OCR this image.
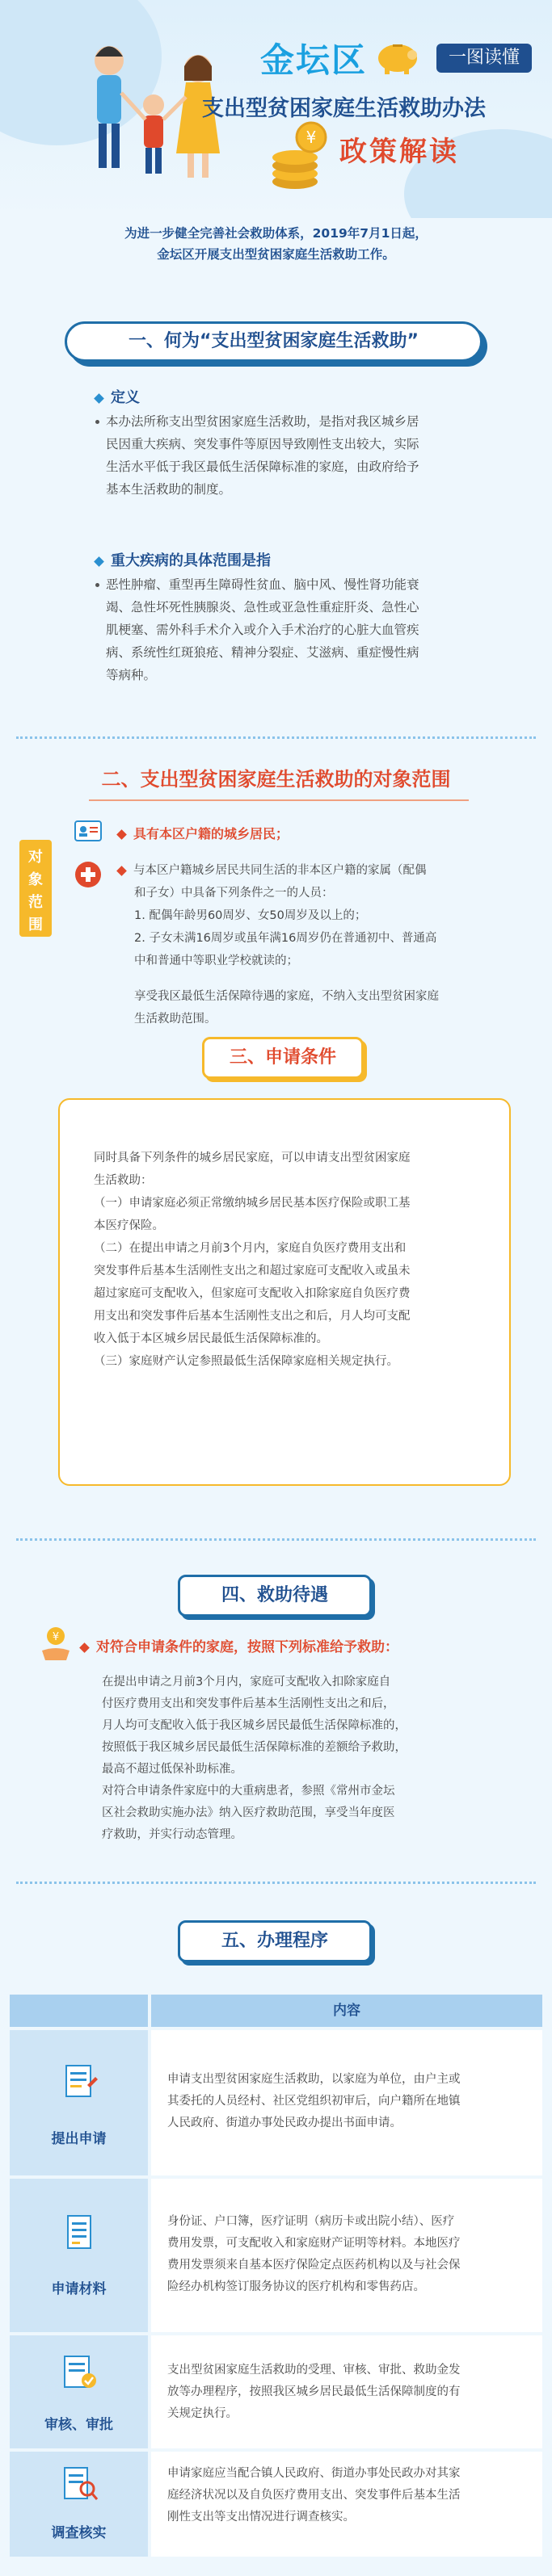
金坛区	一图读懂
支出型贫困家庭生活救助办法
¥ 政策解读
为进一步健全完善社会救助体系，2019年7月1日起，
金坛区开展支出型贫困家庭生活救助工作。
一、何为“支出型贫困家庭生活救助”
定义
本办法所称支出型贫困家庭生活救助，是指对我区城乡居
民因重大疾病、突发事件等原因导致刚性支出较大，实际
生活水平低于我区最低生活保障标准的家庭，由政府给予
基本生活救助的制度。
重大疾病的具体范围是指
恶性肿瘤、重型再生障碍性贫血、脑中风、慢性肾功能衰
竭、急性坏死性胰腺炎、急性或亚急性重症肝炎、急性心
肌梗塞、需外科手术介入或介入手术治疗的心脏大血管疾
病、系统性红斑狼疮、精神分裂症、艾滋病、重症慢性病
等病种。
二、支出型贫困家庭生活救助的对象范围
对象范围
具有本区户籍的城乡居民；
与本区户籍城乡居民共同生活的非本区户籍的家属（配偶
和子女）中具备下列条件之一的人员：
1. 配偶年龄男60周岁、女50周岁及以上的；
2. 子女未满16周岁或虽年满16周岁仍在普通初中、普通高
中和普通中等职业学校就读的；
享受我区最低生活保障待遇的家庭，不纳入支出型贫困家庭
生活救助范围。
三、申请条件
同时具备下列条件的城乡居民家庭，可以申请支出型贫困家庭
生活救助：
（一）申请家庭必须正常缴纳城乡居民基本医疗保险或职工基
本医疗保险。
（二）在提出申请之月前3个月内，家庭自负医疗费用支出和
突发事件后基本生活刚性支出之和超过家庭可支配收入或虽未
超过家庭可支配收入，但家庭可支配收入扣除家庭自负医疗费
用支出和突发事件后基本生活刚性支出之和后，月人均可支配
收入低于本区城乡居民最低生活保障标准的。
（三）家庭财产认定参照最低生活保障家庭相关规定执行。
四、救助待遇
¥
对符合申请条件的家庭，按照下列标准给予救助：
在提出申请之月前3个月内，家庭可支配收入扣除家庭自
付医疗费用支出和突发事件后基本生活刚性支出之和后，
月人均可支配收入低于我区城乡居民最低生活保障标准的，
按照低于我区城乡居民最低生活保障标准的差额给予救助，
最高不超过低保补助标准。
对符合申请条件家庭中的大重病患者，参照《常州市金坛
区社会救助实施办法》纳入医疗救助范围，享受当年度医
疗救助，并实行动态管理。
五、办理程序
内容
提出申请
申请支出型贫困家庭生活救助，以家庭为单位，由户主或
其委托的人员经村、社区党组织初审后，向户籍所在地镇
人民政府、街道办事处民政办提出书面申请。
申请材料
身份证、户口簿，医疗证明（病历卡或出院小结）、医疗
费用发票，可支配收入和家庭财产证明等材料。本地医疗
费用发票须来自基本医疗保险定点医药机构以及与社会保
险经办机构签订服务协议的医疗机构和零售药店。
审核、审批
支出型贫困家庭生活救助的受理、审核、审批、救助金发
放等办理程序，按照我区城乡居民最低生活保障制度的有
关规定执行。
调查核实
申请家庭应当配合镇人民政府、街道办事处民政办对其家
庭经济状况以及自负医疗费用支出、突发事件后基本生活
刚性支出等支出情况进行调查核实。
